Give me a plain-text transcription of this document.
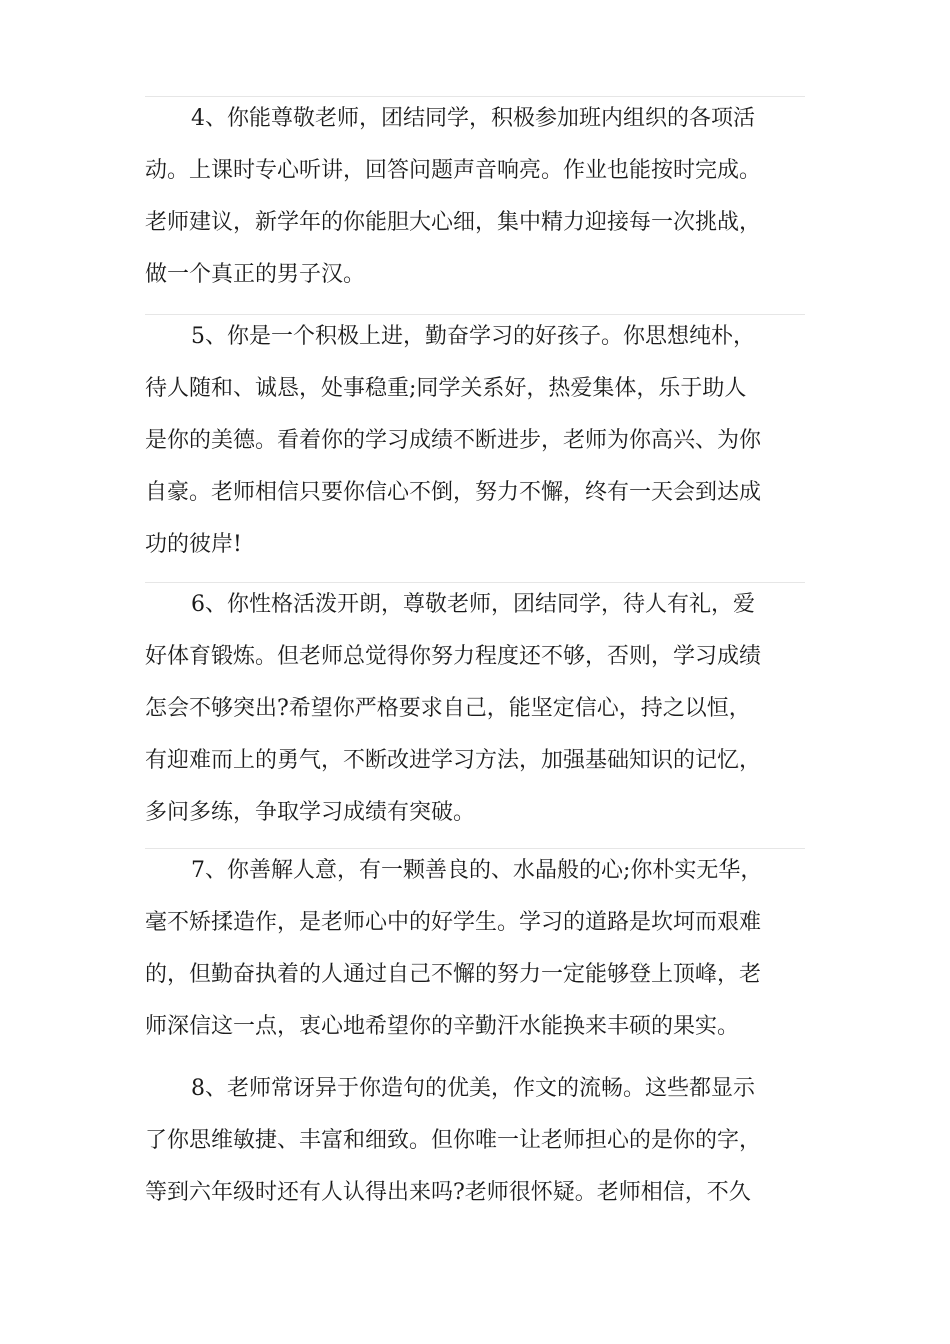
4、你能尊敬老师，团结同学，积极参加班内组织的各项活
动。上课时专心听讲，回答问题声音响亮。作业也能按时完成。
老师建议，新学年的你能胆大心细，集中精力迎接每一次挑战，
做一个真正的男子汉。
5、你是一个积极上进，勤奋学习的好孩子。你思想纯朴，
待人随和、诚恳，处事稳重;同学关系好，热爱集体，乐于助人
是你的美德。看着你的学习成绩不断进步，老师为你高兴、为你
自豪。老师相信只要你信心不倒，努力不懈，终有一天会到达成
功的彼岸!
6、你性格活泼开朗，尊敬老师，团结同学，待人有礼，爱
好体育锻炼。但老师总觉得你努力程度还不够，否则，学习成绩
怎会不够突出?希望你严格要求自己，能坚定信心，持之以恒，
有迎难而上的勇气，不断改进学习方法，加强基础知识的记忆，
多问多练，争取学习成绩有突破。
7、你善解人意，有一颗善良的、水晶般的心;你朴实无华，
毫不矫揉造作，是老师心中的好学生。学习的道路是坎坷而艰难
的，但勤奋执着的人通过自己不懈的努力一定能够登上顶峰，老
师深信这一点，衷心地希望你的辛勤汗水能换来丰硕的果实。
8、老师常讶异于你造句的优美，作文的流畅。这些都显示
了你思维敏捷、丰富和细致。但你唯一让老师担心的是你的字，
等到六年级时还有人认得出来吗?老师很怀疑。老师相信，不久
